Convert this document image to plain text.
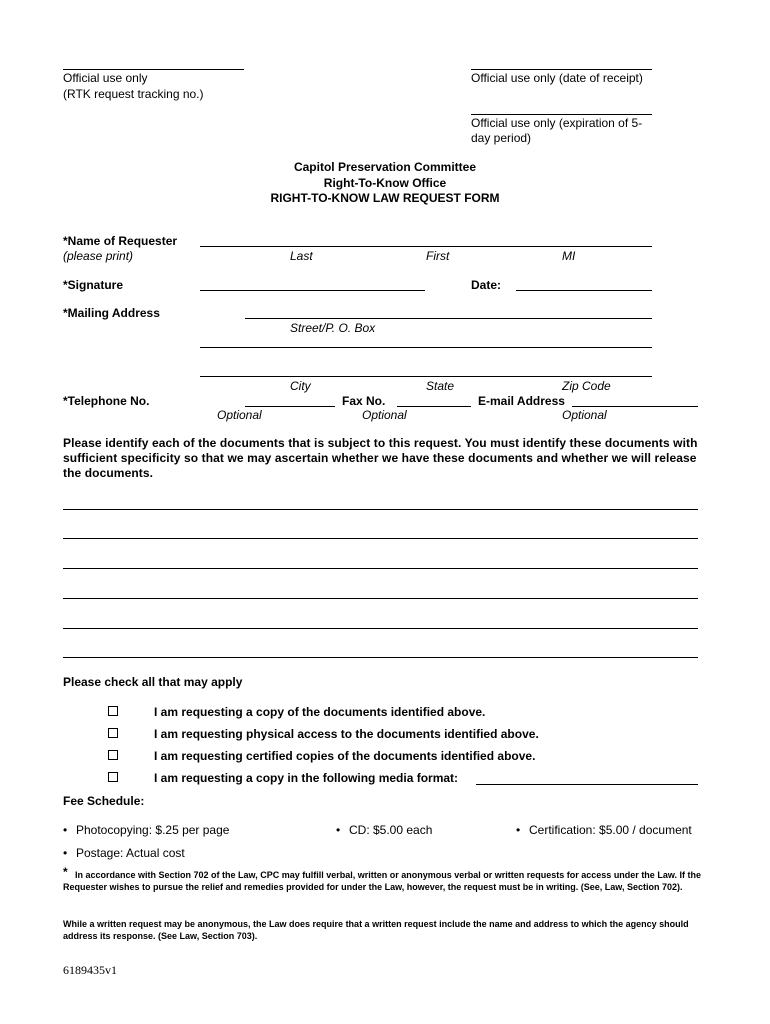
Official use only
(RTK request tracking no.)
Official use only (date of receipt)
Official use only (expiration of 5-
day period)
Capitol Preservation Committee
Right-To-Know Office
RIGHT-TO-KNOW LAW REQUEST FORM
*Name of Requester
(please print)	Last	First	MI
*Signature	Date:
*Mailing Address
Street/P. O. Box
City	State	Zip Code
*Telephone No.	Fax No.	E-mail Address
Optional	Optional	Optional
Please identify each of the documents that is subject to this request. You must identify these documents with sufficient specificity so that we may ascertain whether we have these documents and whether we will release the documents.
Please check all that may apply
I am requesting a copy of the documents identified above.
I am requesting physical access to the documents identified above.
I am requesting certified copies of the documents identified above.
I am requesting a copy in the following media format:
Fee Schedule:
• Photocopying: $.25 per page	• CD: $5.00 each	• Certification: $5.00 / document
• Postage: Actual cost
* In accordance with Section 702 of the Law, CPC may fulfill verbal, written or anonymous verbal or written requests for access under the Law. If the Requester wishes to pursue the relief and remedies provided for under the Law, however, the request must be in writing. (See, Law, Section 702).
While a written request may be anonymous, the Law does require that a written request include the name and address to which the agency should address its response. (See Law, Section 703).
6189435v1
